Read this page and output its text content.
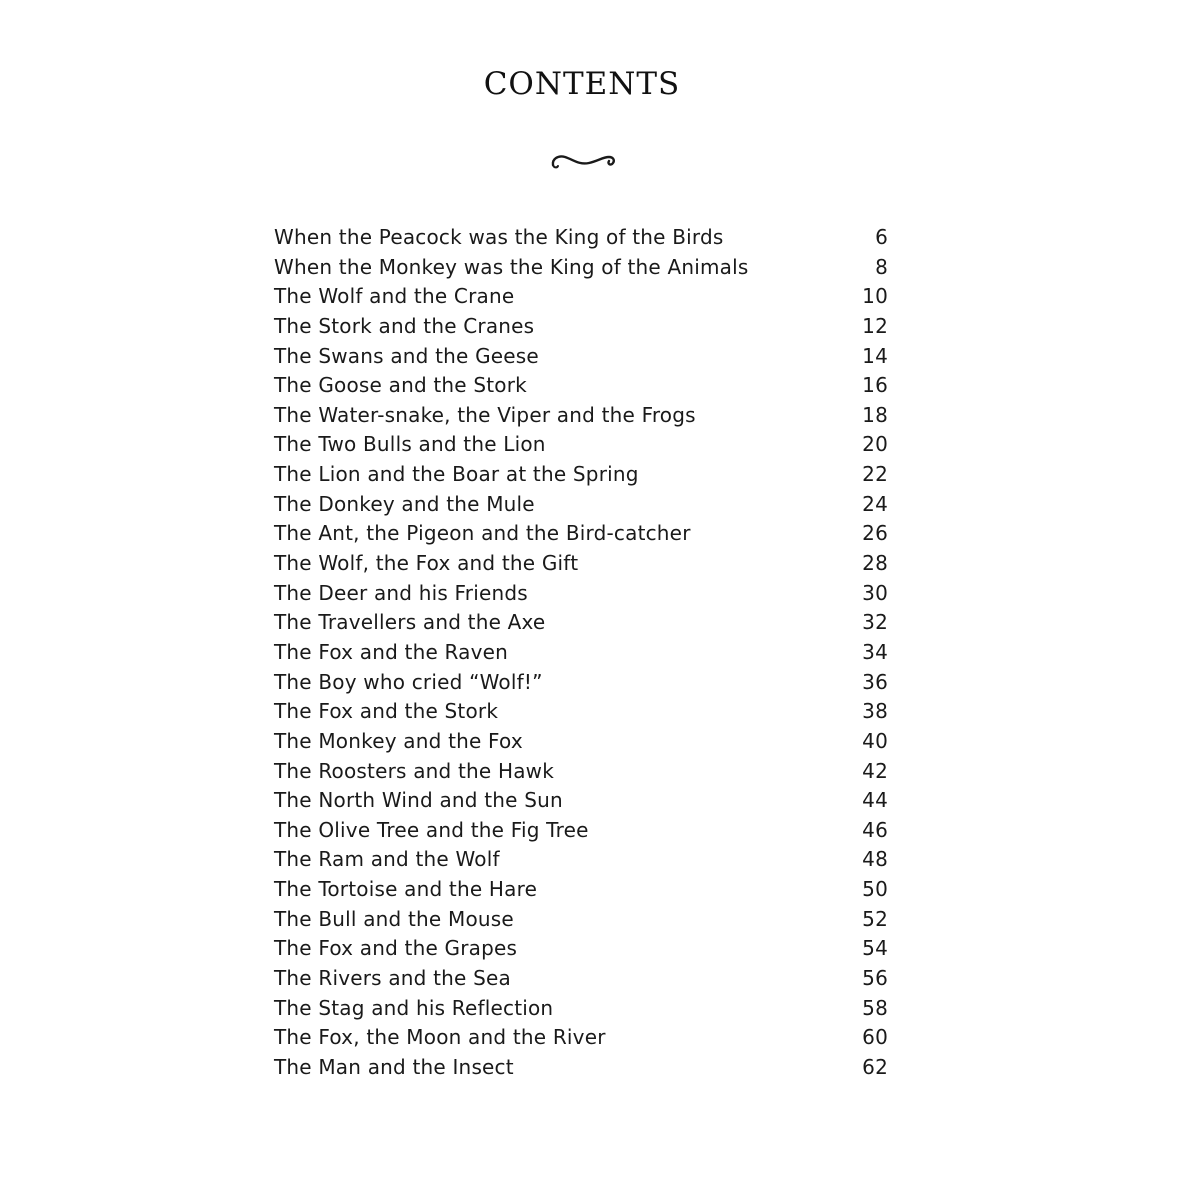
CONTENTS
When the Peacock was the King of the Birds	6
When the Monkey was the King of the Animals	8
The Wolf and the Crane	10
The Stork and the Cranes	12
The Swans and the Geese	14
The Goose and the Stork	16
The Water-snake, the Viper and the Frogs	18
The Two Bulls and the Lion	20
The Lion and the Boar at the Spring	22
The Donkey and the Mule	24
The Ant, the Pigeon and the Bird-catcher	26
The Wolf, the Fox and the Gift	28
The Deer and his Friends	30
The Travellers and the Axe	32
The Fox and the Raven	34
The Boy who cried “Wolf!”	36
The Fox and the Stork	38
The Monkey and the Fox	40
The Roosters and the Hawk	42
The North Wind and the Sun	44
The Olive Tree and the Fig Tree	46
The Ram and the Wolf	48
The Tortoise and the Hare	50
The Bull and the Mouse	52
The Fox and the Grapes	54
The Rivers and the Sea	56
The Stag and his Reflection	58
The Fox, the Moon and the River	60
The Man and the Insect	62
